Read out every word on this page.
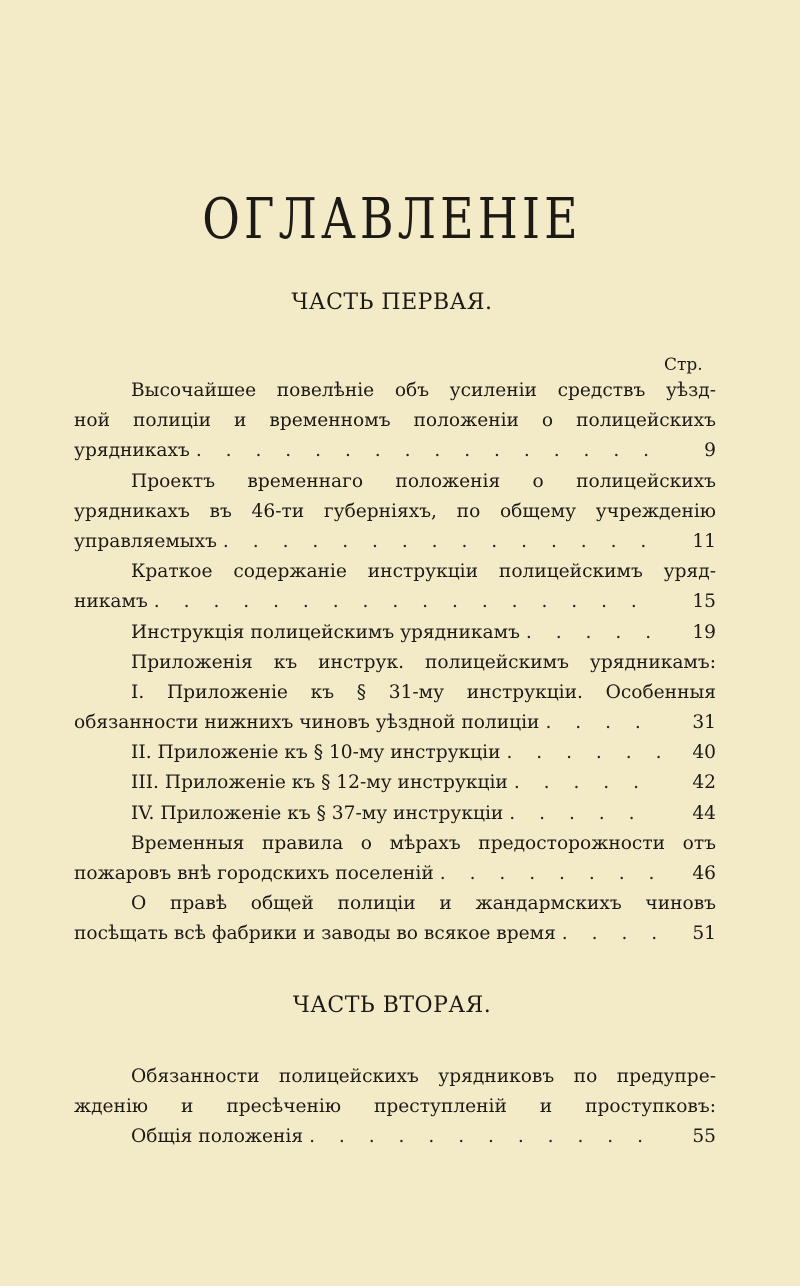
ОГЛАВЛЕНІЕ
ЧАСТЬ ПЕРВАЯ.
Стр.
Высочайшее повелѣніе объ усиленіи средствъ уѣзд-
ной полиціи и временномъ положеніи о полицейскихъ
урядникахъ . . .	9
Проектъ временнаго положенія о полицейскихъ
урядникахъ въ 46-ти губерніяхъ, по общему учрежденію
управляемыхъ . . .	11
Краткое содержаніе инструкціи полицейскимъ уряд-
никамъ . . .	15
Инструкція полицейскимъ урядникамъ . . .	19
Приложенія къ инструк. полицейскимъ урядникамъ:
I. Приложеніе къ § 31-му инструкціи. Особенныя
обязанности нижнихъ чиновъ уѣздной полиціи . . .	31
II. Приложеніе къ § 10-му инструкціи . . .	40
III. Приложеніе къ § 12-му инструкціи . . .	42
IV. Приложеніе къ § 37-му инструкціи . . .	44
Временныя правила о мѣрахъ предосторожности отъ
пожаровъ внѣ городскихъ поселеній . . .	46
О правѣ общей полиціи и жандармскихъ чиновъ
посѣщать всѣ фабрики и заводы во всякое время . . .	51
ЧАСТЬ ВТОРАЯ.
Обязанности полицейскихъ урядниковъ по предупре-
жденію и пресѣченію преступленій и проступковъ:
Общія положенія . . .	55
